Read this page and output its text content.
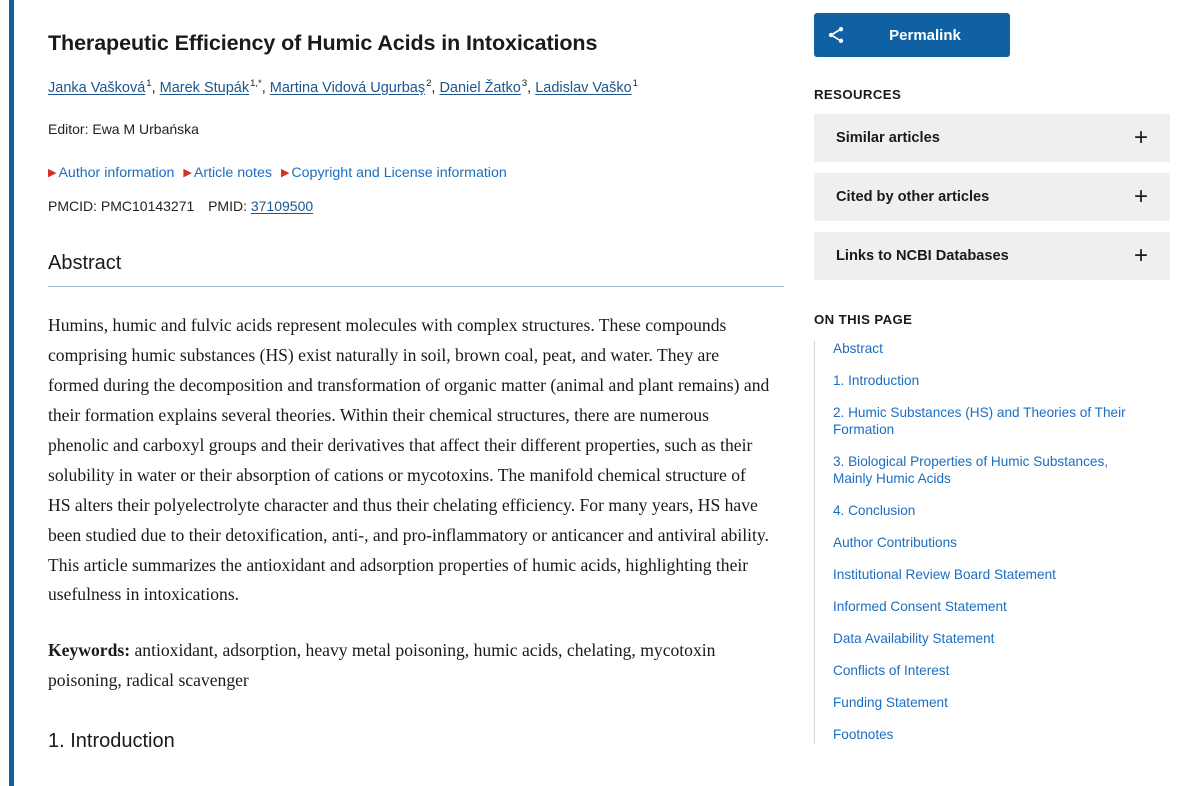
Therapeutic Efficiency of Humic Acids in Intoxications
Janka Vašková$^1$, Marek Stupák$^{1,*}$, Martina Vidová Ugurbaş$^2$, Daniel Žatko$^3$, Ladislav Vaško$^1$
Editor: Ewa M Urbańska
▶ Author information ▶ Article notes ▶ Copyright and License information
PMCID: PMC10143271 PMID: 37109500
Abstract
Humins, humic and fulvic acids represent molecules with complex structures. These compounds comprising humic substances (HS) exist naturally in soil, brown coal, peat, and water. They are formed during the decomposition and transformation of organic matter (animal and plant remains) and their formation explains several theories. Within their chemical structures, there are numerous phenolic and carboxyl groups and their derivatives that affect their different properties, such as their solubility in water or their absorption of cations or mycotoxins. The manifold chemical structure of HS alters their polyelectrolyte character and thus their chelating efficiency. For many years, HS have been studied due to their detoxification, anti-, and pro-inflammatory or anticancer and antiviral ability. This article summarizes the antioxidant and adsorption properties of humic acids, highlighting their usefulness in intoxications.
Keywords: antioxidant, adsorption, heavy metal poisoning, humic acids, chelating, mycotoxin poisoning, radical scavenger
1. Introduction
Permalink
RESOURCES
Similar articles	+
Cited by other articles	+
Links to NCBI Databases	+
ON THIS PAGE
Abstract
1. Introduction
2. Humic Substances (HS) and Theories of Their Formation
3. Biological Properties of Humic Substances, Mainly Humic Acids
4. Conclusion
Author Contributions
Institutional Review Board Statement
Informed Consent Statement
Data Availability Statement
Conflicts of Interest
Funding Statement
Footnotes
